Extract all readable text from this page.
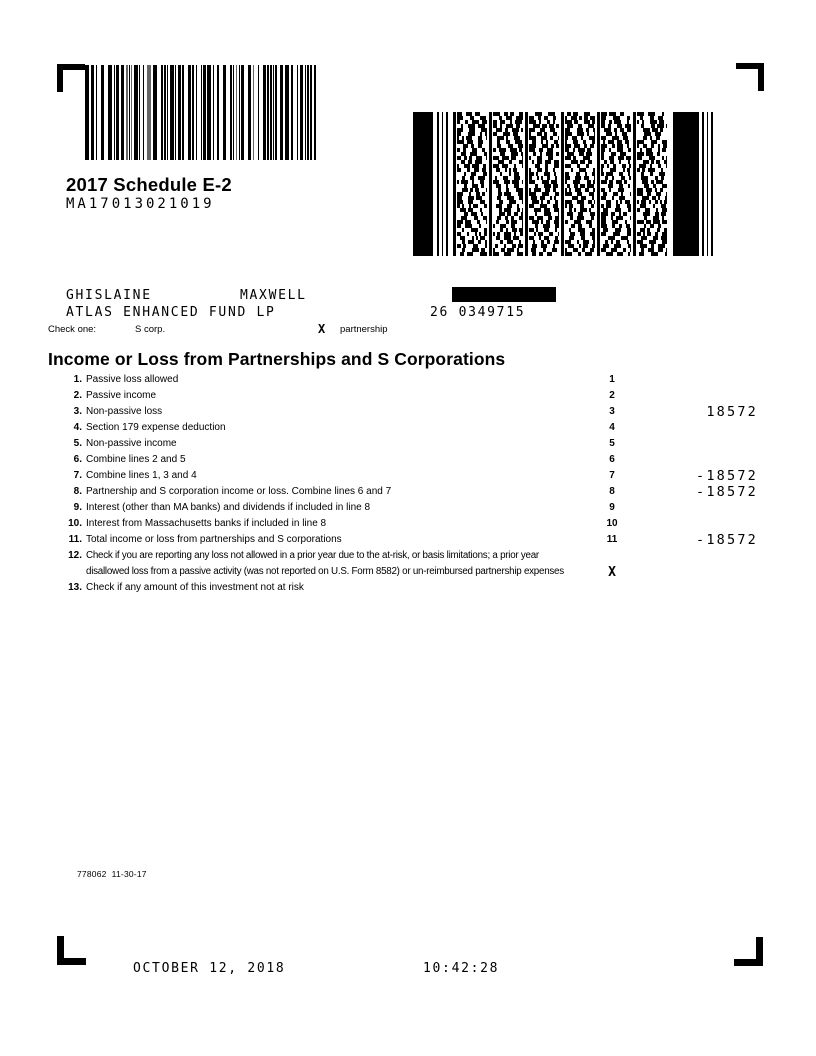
2017 Schedule E-2
MA17013021019
GHISLAINE	MAXWELL
ATLAS ENHANCED FUND LP	26 0349715
Check one:	S corp.	X partnership
Income or Loss from Partnerships and S Corporations
1. Passive loss allowed	1
2. Passive income	2
3. Non-passive loss	3	18572
4. Section 179 expense deduction	4
5. Non-passive income	5
6. Combine lines 2 and 5	6
7. Combine lines 1, 3 and 4	7	-18572
8. Partnership and S corporation income or loss. Combine lines 6 and 7	8	-18572
9. Interest (other than MA banks) and dividends if included in line 8	9
10. Interest from Massachusetts banks if included in line 8	10
11. Total income or loss from partnerships and S corporations	11	-18572
12. Check if you are reporting any loss not allowed in a prior year due to the at-risk, or basis limitations; a prior year
disallowed loss from a passive activity (was not reported on U.S. Form 8582) or un-reimbursed partnership expenses	X
13. Check if any amount of this investment not at risk
778062  11-30-17
OCTOBER 12, 2018	10:42:28
